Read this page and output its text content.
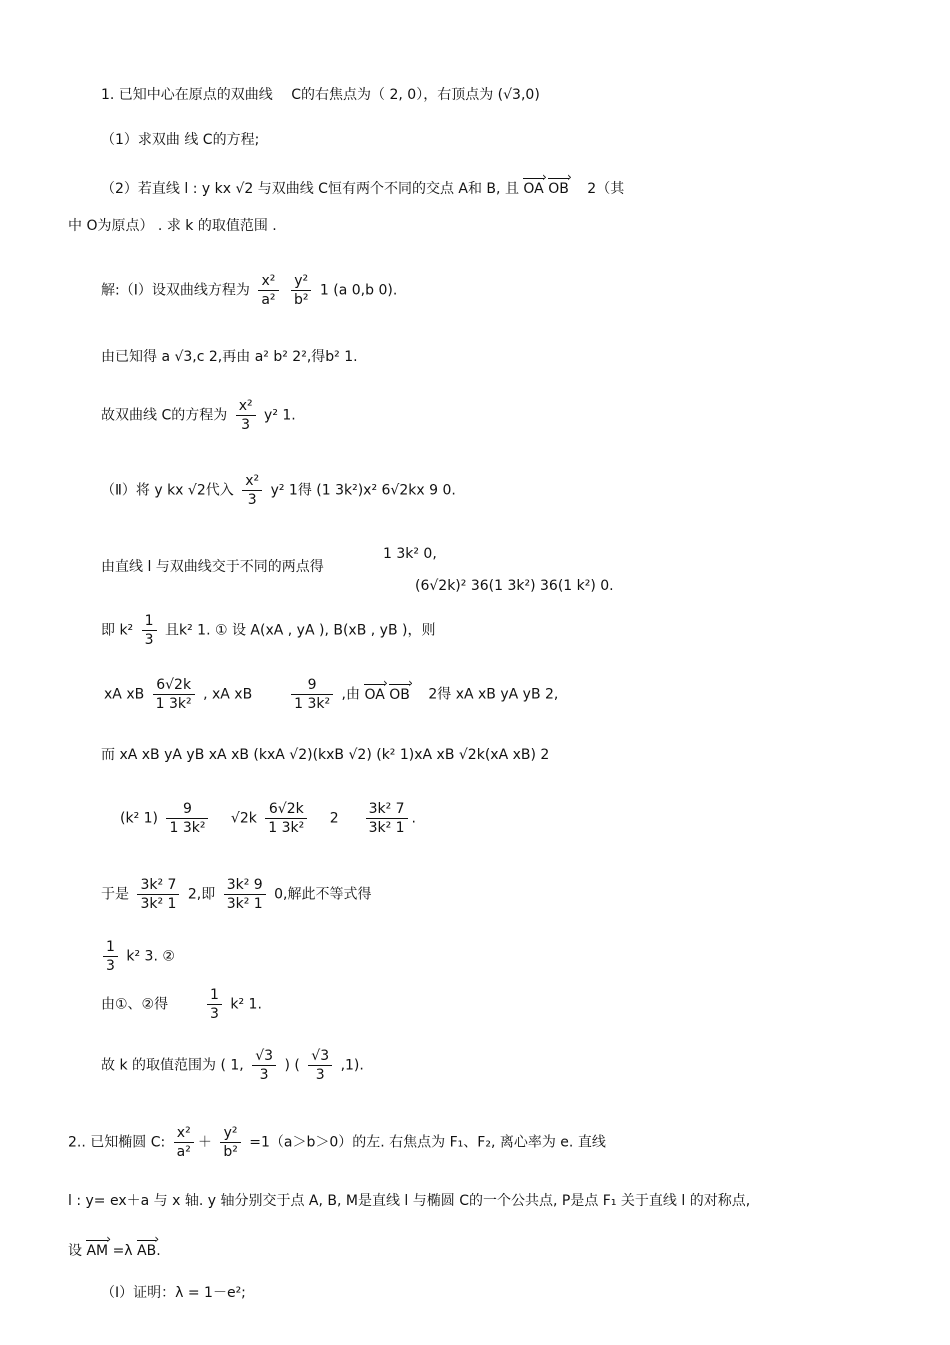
1. 已知中心在原点的双曲线 C的右焦点为（ 2, 0），右顶点为 (√3,0)
（1）求双曲 线 C的方程;
（2）若直线 l : y kx √2 与双曲线 C恒有两个不同的交点 A和 B, 且 OA › OB › 2（其
中 O为原点） . 求 k 的取值范围 .
解:（Ⅰ）设双曲线方程为 $\frac{\text{x²}}{\text{a²}}$
$\frac{\text{y²}}{\text{b²}} 1$ (a 0,b 0).
由已知得 a √3,c 2,再由 a² b² 2²,得b² 1.
故双曲线 C的方程为 $\frac{\text{x²}}{3} y^2$ 1.
（Ⅱ）将 y kx √2代入 $\frac{\text{x²}}{3} y^2$ 1得 (1 3k²)x² 6√2kx 9 0.
由直线 l 与双曲线交于不同的两点得
1 3k² 0,
(6√2k)² 36(1 3k²) 36(1 k²) 0.
即 $k^2 \frac{1}{3}$ 且k² 1. ① 设 A(xA , yA ), B(xB , yB )，则
xA xB $\frac{6√2k}{\text{1 3k²}}$ , xA xB	$\frac{9}{\text{1 3k²}}$ ,由 OA › OB › 2得 xA xB yA yB 2,
而 xA xB yA yB xA xB (kxA √2)(kxB √2) (k² 1)xA xB √2k(xA xB) 2
(k² $1) \frac{9}{\text{1 3k²}} √2k \frac{6√2k}{\text{1 3k²}} 2 \frac{\text{3k² 7}}{\text{3k² 1}}$ .
于是 $\frac{\text{3k² 7}}{\text{3k² 1}} 2$,即 $\frac{\text{3k² 9}}{\text{3k² 1}} 0$,解此不等式得
$\frac{1}{3} k^2$ 3. ②
由①、②得	$\frac{1}{3} k^2$ 1.
故 k 的取值范围为 ( 1, $\frac{√3}{3}$ ) ( $\frac{√3}{3} ,1$).
2.. 已知椭圆 C: $\frac{\text{x²}}{\text{a²}} + \frac{\text{y²}}{\text{b²}} =1(a>b>0)$的左. 右焦点为 F₁、F₂, 离心率为 e. 直线
l : y= ex＋a 与 x 轴. y 轴分别交于点 A, B, M是直线 l 与椭圆 C的一个公共点, P是点 F₁ 关于直线 l 的对称点,
设 AM › =λ AB ›.
（Ⅰ）证明：λ = 1－e²;
